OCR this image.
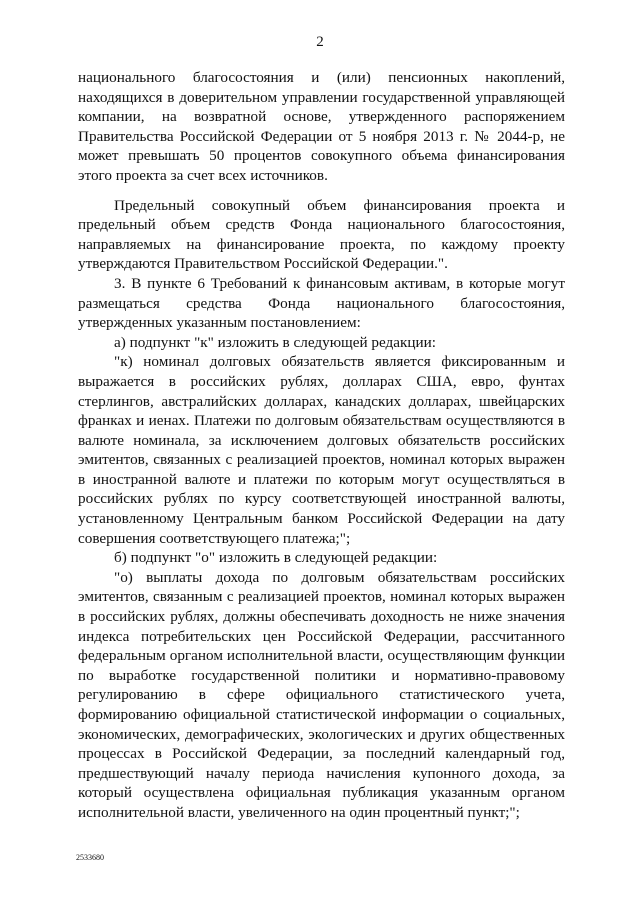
2

национального благосостояния и (или) пенсионных накоплений, находящихся в доверительном управлении государственной управляющей компании, на возвратной основе, утвержденного распоряжением Правительства Российской Федерации от 5 ноября 2013 г. № 2044-р, не может превышать 50 процентов совокупного объема финансирования этого проекта за счет всех источников.

Предельный совокупный объем финансирования проекта и предельный объем средств Фонда национального благосостояния, направляемых на финансирование проекта, по каждому проекту утверждаются Правительством Российской Федерации.".

3. В пункте 6 Требований к финансовым активам, в которые могут размещаться средства Фонда национального благосостояния, утвержденных указанным постановлением:

а) подпункт "к" изложить в следующей редакции:

"к) номинал долговых обязательств является фиксированным и выражается в российских рублях, долларах США, евро, фунтах стерлингов, австралийских долларах, канадских долларах, швейцарских франках и иенах. Платежи по долговым обязательствам осуществляются в валюте номинала, за исключением долговых обязательств российских эмитентов, связанных с реализацией проектов, номинал которых выражен в иностранной валюте и платежи по которым могут осуществляться в российских рублях по курсу соответствующей иностранной валюты, установленному Центральным банком Российской Федерации на дату совершения соответствующего платежа;";

б) подпункт "о" изложить в следующей редакции:

"о) выплаты дохода по долговым обязательствам российских эмитентов, связанным с реализацией проектов, номинал которых выражен в российских рублях, должны обеспечивать доходность не ниже значения индекса потребительских цен Российской Федерации, рассчитанного федеральным органом исполнительной власти, осуществляющим функции по выработке государственной политики и нормативно-правовому регулированию в сфере официального статистического учета, формированию официальной статистической информации о социальных, экономических, демографических, экологических и других общественных процессах в Российской Федерации, за последний календарный год, предшествующий началу периода начисления купонного дохода, за который осуществлена официальная публикация указанным органом исполнительной власти, увеличенного на один процентный пункт;";

2533680
